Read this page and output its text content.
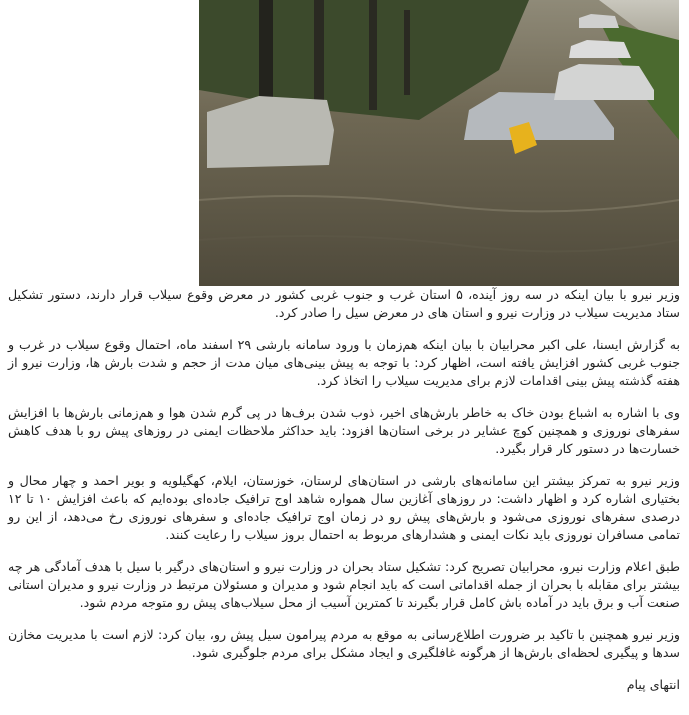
وزیر نیرو با بیان اینکه در سه روز آینده، ۵ استان غرب و جنوب غربی کشور در معرض وقوع سیلاب قرار دارند، دستور تشکیل ستاد مدیریت سیلاب در وزارت نیرو و استان های در معرض سیل را صادر کرد.

به گزارش ایسنا، علی اکبر محرابیان با بیان اینکه هم‌زمان با ورود سامانه بارشی ۲۹ اسفند ماه، احتمال وقوع سیلاب در غرب و جنوب غربی کشور افزایش یافته است، اظهار کرد: با توجه به پیش بینی‌های میان مدت از حجم و شدت بارش ها، وزارت نیرو از هفته گذشته پیش بینی اقدامات لازم برای مدیریت سیلاب را اتخاذ کرد.

وی با اشاره به اشباع بودن خاک به خاطر بارش‌های اخیر، ذوب شدن برف‌ها در پی گرم شدن هوا و هم‌زمانی بارش‌ها با افزایش سفرهای نوروزی و همچنین کوچ عشایر در برخی استان‌ها افزود: باید حداکثر ملاحظات ایمنی در روزهای پیش رو با هدف کاهش خسارت‌ها در دستور کار قرار بگیرد.

وزیر نیرو به تمرکز بیشتر این سامانه‌های بارشی در استان‌های لرستان، خوزستان، ایلام، کهگیلویه و بویر احمد و چهار محال و بختیاری اشاره کرد و اظهار داشت: در روزهای آغازین سال همواره شاهد اوج ترافیک جاده‌ای بوده‌ایم که باعث افزایش ۱۰ تا ۱۲ درصدی سفرهای نوروزی می‌شود و بارش‌های پیش رو در زمان اوج ترافیک جاده‌ای و سفرهای نوروزی رخ می‌دهد، از این رو تمامی مسافران نوروزی باید نکات ایمنی و هشدارهای مربوط به احتمال بروز سیلاب را رعایت کنند.

طبق اعلام وزارت نیرو، محرابیان تصریح کرد: تشکیل ستاد بحران در وزارت نیرو و استان‌های درگیر با سیل با هدف آمادگی هر چه بیشتر برای مقابله با بحران از جمله اقداماتی است که باید انجام شود و مدیران و مسئولان مرتبط در وزارت نیرو و مدیران استانی صنعت آب و برق باید در آماده باش کامل قرار بگیرند تا کمترین آسیب از محل سیلاب‌های پیش رو متوجه مردم شود.

وزیر نیرو همچنین با تاکید بر ضرورت اطلاع‌رسانی به موقع به مردم پیرامون سیل پیش رو، بیان کرد: لازم است با مدیریت مخازن سدها و پیگیری لحظه‌ای بارش‌ها از هرگونه غافلگیری و ایجاد مشکل برای مردم جلوگیری شود.

انتهای پیام
